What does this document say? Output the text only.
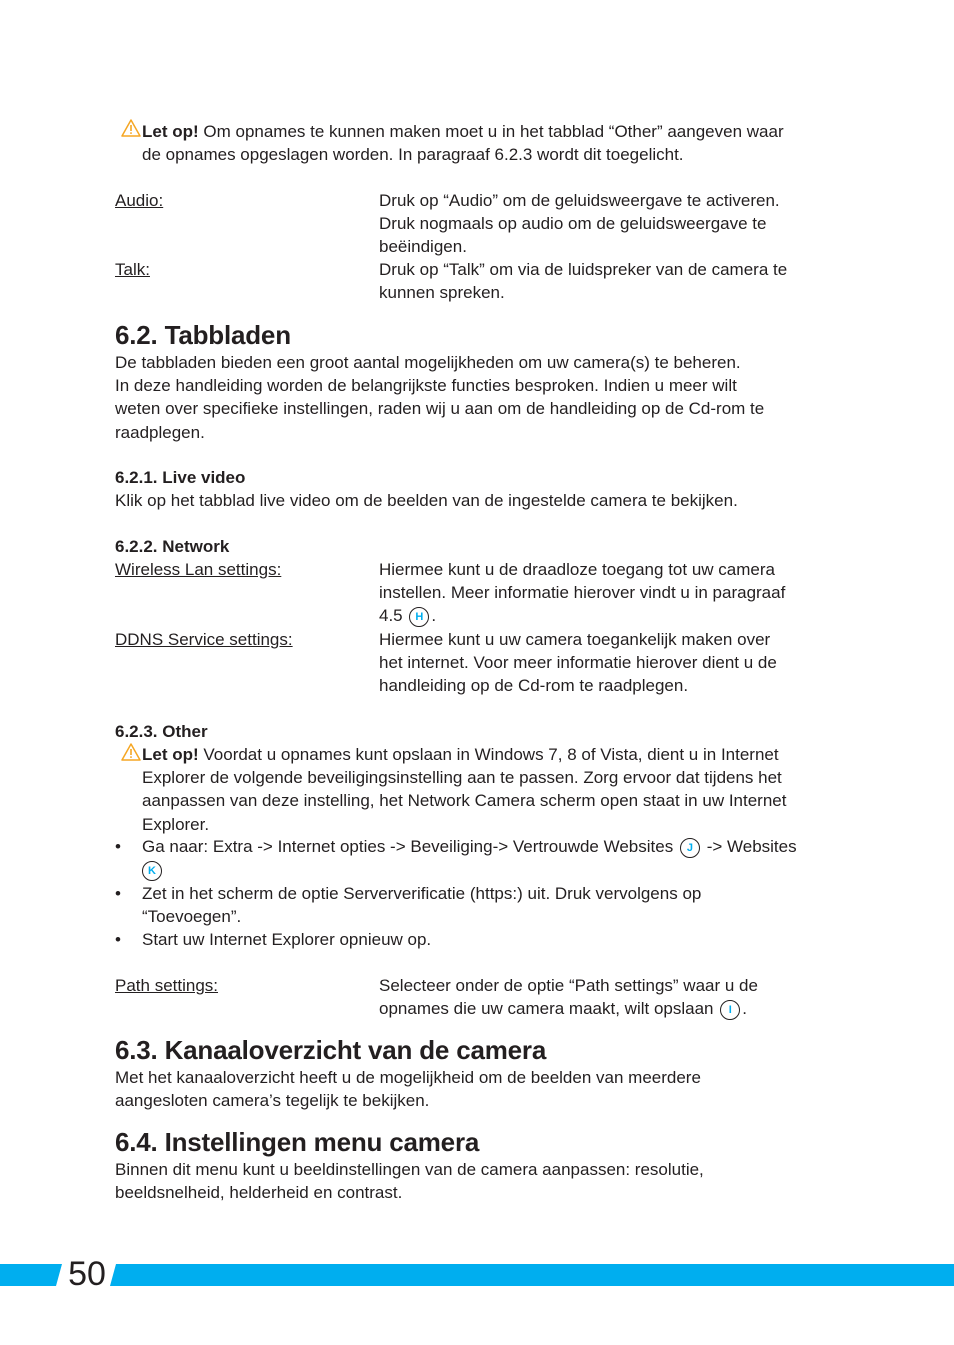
Let op! Om opnames te kunnen maken moet u in het tabblad “Other” aangeven waar
de opnames opgeslagen worden. In paragraaf 6.2.3 wordt dit toegelicht.

Audio:	Druk op “Audio” om de geluidsweergave te activeren.
Druk nogmaals op audio om de geluidsweergave te
beëindigen.
Talk:	Druk op “Talk” om via de luidspreker van de camera te
kunnen spreken.
6.2. Tabbladen

De tabbladen bieden een groot aantal mogelijkheden om uw camera(s) te beheren.
In deze handleiding worden de belangrijkste functies besproken. Indien u meer wilt
weten over specifieke instellingen, raden wij u aan om de handleiding op de Cd-rom te
raadplegen.

6.2.1. Live video

Klik op het tabblad live video om de beelden van de ingestelde camera te bekijken.

6.2.2. Network
Wireless Lan settings:	Hiermee kunt u de draadloze toegang tot uw camera
instellen. Meer informatie hierover vindt u in paragraaf
4.5 H .
DDNS Service settings:	Hiermee kunt u uw camera toegankelijk maken over
het internet. Voor meer informatie hierover dient u de
handleiding op de Cd-rom te raadplegen.
6.2.3. Other

Let op! Voordat u opnames kunt opslaan in Windows 7, 8 of Vista, dient u in Internet
Explorer de volgende beveiligingsinstelling aan te passen. Zorg ervoor dat tijdens het
aanpassen van deze instelling, het Network Camera scherm open staat in uw Internet
Explorer.

• Ga naar: Extra -> Internet opties -> Beveiliging-> Vertrouwde Websites J -> Websites
K
• Zet in het scherm de optie Serververificatie (https:) uit. Druk vervolgens op
“Toevoegen”.
• Start uw Internet Explorer opnieuw op.
Path settings:	Selecteer onder de optie “Path settings” waar u de
opnames die uw camera maakt, wilt opslaan I .
6.3. Kanaaloverzicht van de camera

Met het kanaaloverzicht heeft u de mogelijkheid om de beelden van meerdere
aangesloten camera’s tegelijk te bekijken.

6.4. Instellingen menu camera

Binnen dit menu kunt u beeldinstellingen van de camera aanpassen: resolutie,
beeldsnelheid, helderheid en contrast.

50
